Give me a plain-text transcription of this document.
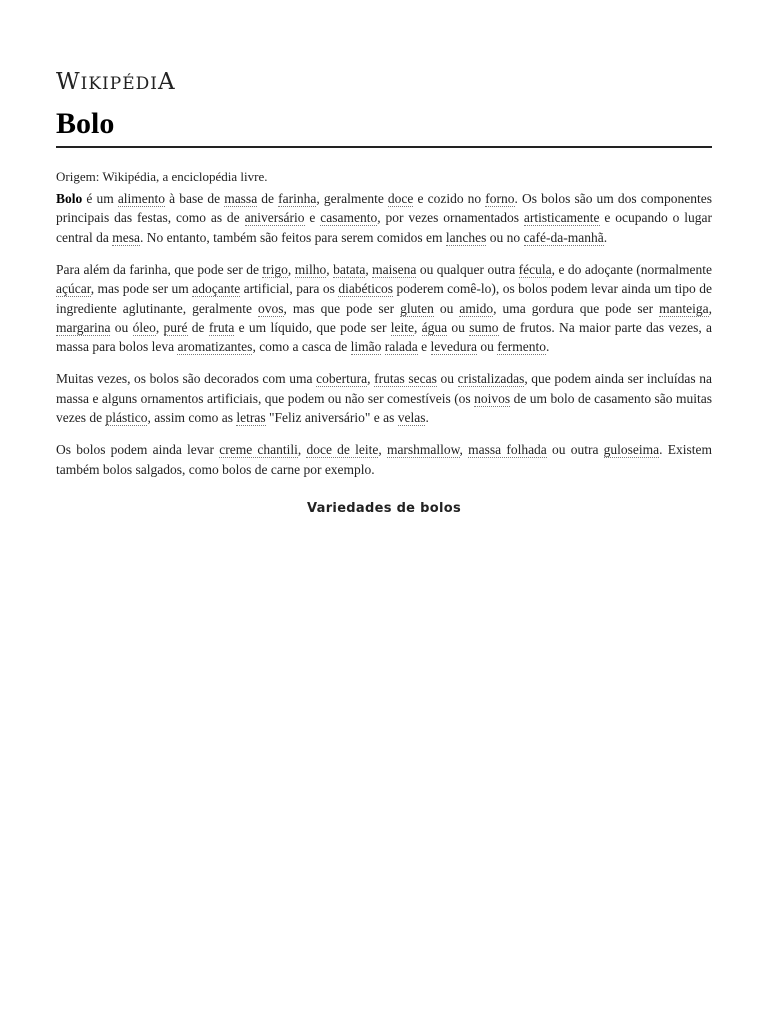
WIKIPÉDIA
Bolo
Origem: Wikipédia, a enciclopédia livre.

Bolo é um alimento à base de massa de farinha, geralmente doce e cozido no forno. Os bolos são um dos componentes principais das festas, como as de aniversário e casamento, por vezes ornamentados artisticamente e ocupando o lugar central da mesa. No entanto, também são feitos para serem comidos em lanches ou no café-da-manhã.

Para além da farinha, que pode ser de trigo, milho, batata, maisena ou qualquer outra fécula, e do adoçante (normalmente açúcar, mas pode ser um adoçante artificial, para os diabéticos poderem comê-lo), os bolos podem levar ainda um tipo de ingrediente aglutinante, geralmente ovos, mas que pode ser gluten ou amido, uma gordura que pode ser manteiga, margarina ou óleo, puré de fruta e um líquido, que pode ser leite, água ou sumo de frutos. Na maior parte das vezes, a massa para bolos leva aromatizantes, como a casca de limão ralada e levedura ou fermento.

Muitas vezes, os bolos são decorados com uma cobertura, frutas secas ou cristalizadas, que podem ainda ser incluídas na massa e alguns ornamentos artificiais, que podem ou não ser comestíveis (os noivos de um bolo de casamento são muitas vezes de plástico, assim como as letras "Feliz aniversário" e as velas.

Os bolos podem ainda levar creme chantili, doce de leite, marshmallow, massa folhada ou outra guloseima. Existem também bolos salgados, como bolos de carne por exemplo.

Variedades de bolos
